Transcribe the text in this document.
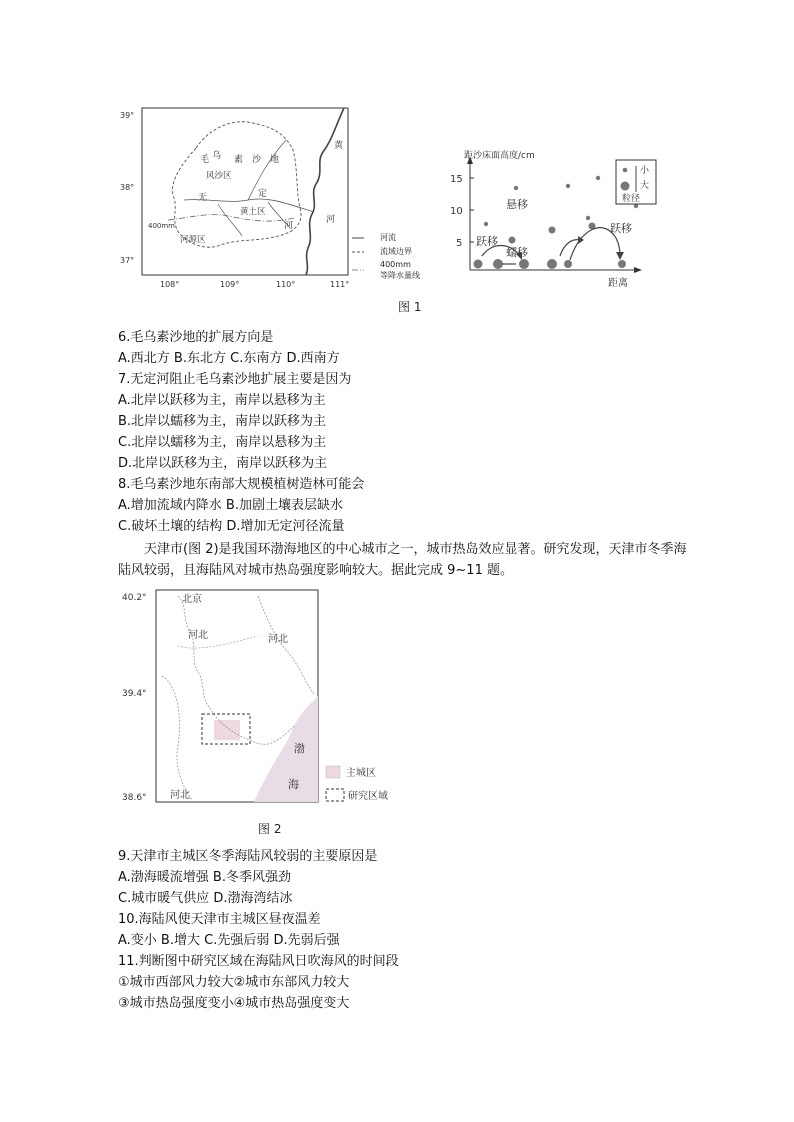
39°
38°
37°
108°	109°	110°	111°
毛 乌 素 沙 地
风沙区
无	定
黄土区
河
河源区
400mm
黄
河
河流
流域边界
400mm
等降水量线
15
10
5
距沙床面高度/cm
距离
悬移
跃移
蠕移
跃移
小
大
粒径
图 1
6.毛乌素沙地的扩展方向是
A.西北方 B.东北方 C.东南方 D.西南方
7.无定河阻止毛乌素沙地扩展主要是因为
A.北岸以跃移为主，南岸以悬移为主
B.北岸以蠕移为主，南岸以跃移为主
C.北岸以蠕移为主，南岸以悬移为主
D.北岸以跃移为主，南岸以跃移为主
8.毛乌素沙地东南部大规模植树造林可能会
A.增加流域内降水 B.加剧土壤表层缺水
C.破坏土壤的结构 D.增加无定河径流量
天津市(图 2)是我国环渤海地区的中心城市之一，城市热岛效应显著。研究发现，天津市冬季海陆风较弱，且海陆风对城市热岛强度影响较大。据此完成 9~11 题。
40.2°
39.4°
38.6°
北京
河北	河北
河北
渤
海
主城区
研究区域
图 2
9.天津市主城区冬季海陆风较弱的主要原因是
A.渤海暖流增强 B.冬季风强劲
C.城市暖气供应 D.渤海湾结冰
10.海陆风使天津市主城区昼夜温差
A.变小 B.增大 C.先强后弱 D.先弱后强
11.判断图中研究区域在海陆风日吹海风的时间段
①城市西部风力较大②城市东部风力较大
③城市热岛强度变小④城市热岛强度变大
